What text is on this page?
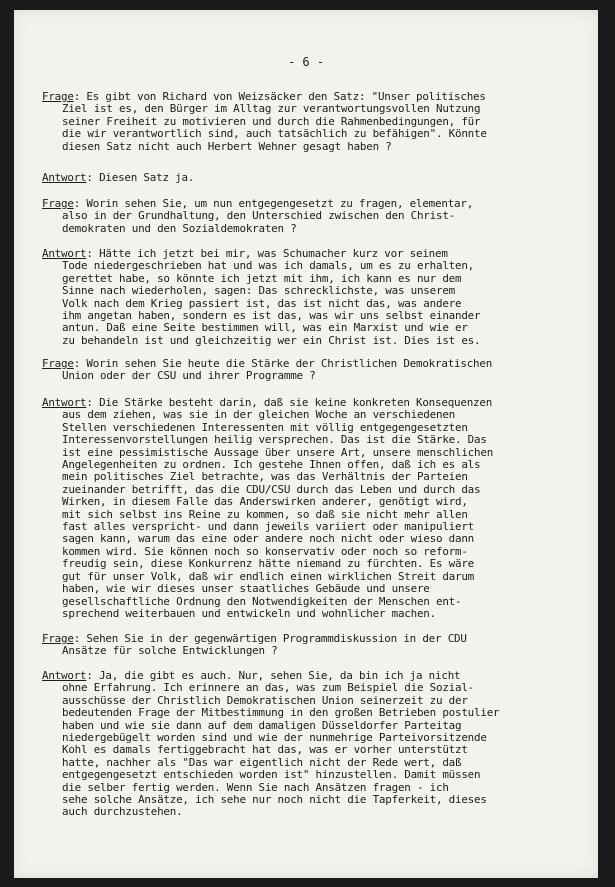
- 6 -
Frage: Es gibt von Richard von Weizsäcker den Satz: "Unser politisches
Ziel ist es, den Bürger im Alltag zur verantwortungsvollen Nutzung
seiner Freiheit zu motivieren und durch die Rahmenbedingungen, für
die wir verantwortlich sind, auch tatsächlich zu befähigen". Könnte
diesen Satz nicht auch Herbert Wehner gesagt haben ?
Antwort: Diesen Satz ja.
Frage: Worin sehen Sie, um nun entgegengesetzt zu fragen, elementar,
also in der Grundhaltung, den Unterschied zwischen den Christ-
demokraten und den Sozialdemokraten ?
Antwort: Hätte ich jetzt bei mir, was Schumacher kurz vor seinem
Tode niedergeschrieben hat und was ich damals, um es zu erhalten,
gerettet habe, so könnte ich jetzt mit ihm, ich kann es nur dem
Sinne nach wiederholen, sagen: Das schrecklichste, was unserem
Volk nach dem Krieg passiert ist, das ist nicht das, was andere
ihm angetan haben, sondern es ist das, was wir uns selbst einander
antun. Daß eine Seite bestimmen will, was ein Marxist und wie er
zu behandeln ist und gleichzeitig wer ein Christ ist. Dies ist es.
Frage: Worin sehen Sie heute die Stärke der Christlichen Demokratischen
Union oder der CSU und ihrer Programme ?
Antwort: Die Stärke besteht darin, daß sie keine konkreten Konsequenzen
aus dem ziehen, was sie in der gleichen Woche an verschiedenen
Stellen verschiedenen Interessenten mit völlig entgegengesetzten
Interessenvorstellungen heilig versprechen. Das ist die Stärke. Das
ist eine pessimistische Aussage über unsere Art, unsere menschlichen
Angelegenheiten zu ordnen. Ich gestehe Ihnen offen, daß ich es als
mein politisches Ziel betrachte, was das Verhältnis der Parteien
zueinander betrifft, das die CDU/CSU durch das Leben und durch das
Wirken, in diesem Falle das Anderswirken anderer, genötigt wird,
mit sich selbst ins Reine zu kommen, so daß sie nicht mehr allen
fast alles verspricht- und dann jeweils variiert oder manipuliert
sagen kann, warum das eine oder andere noch nicht oder wieso dann
kommen wird. Sie können noch so konservativ oder noch so reform-
freudig sein, diese Konkurrenz hätte niemand zu fürchten. Es wäre
gut für unser Volk, daß wir endlich einen wirklichen Streit darum
haben, wie wir dieses unser staatliches Gebäude und unsere
gesellschaftliche Ordnung den Notwendigkeiten der Menschen ent-
sprechend weiterbauen und entwickeln und wohnlicher machen.
Frage: Sehen Sie in der gegenwärtigen Programmdiskussion in der CDU
Ansätze für solche Entwicklungen ?
Antwort: Ja, die gibt es auch. Nur, sehen Sie, da bin ich ja nicht
ohne Erfahrung. Ich erinnere an das, was zum Beispiel die Sozial-
ausschüsse der Christlich Demokratischen Union seinerzeit zu der
bedeutenden Frage der Mitbestimmung in den großen Betrieben postulier
haben und wie sie dann auf dem damaligen Düsseldorfer Parteitag
niedergebügelt worden sind und wie der nunmehrige Parteivorsitzende
Kohl es damals fertiggebracht hat das, was er vorher unterstützt
hatte, nachher als "Das war eigentlich nicht der Rede wert, daß
entgegengesetzt entschieden worden ist" hinzustellen. Damit müssen
die selber fertig werden. Wenn Sie nach Ansätzen fragen - ich
sehe solche Ansätze, ich sehe nur noch nicht die Tapferkeit, dieses
auch durchzustehen.
